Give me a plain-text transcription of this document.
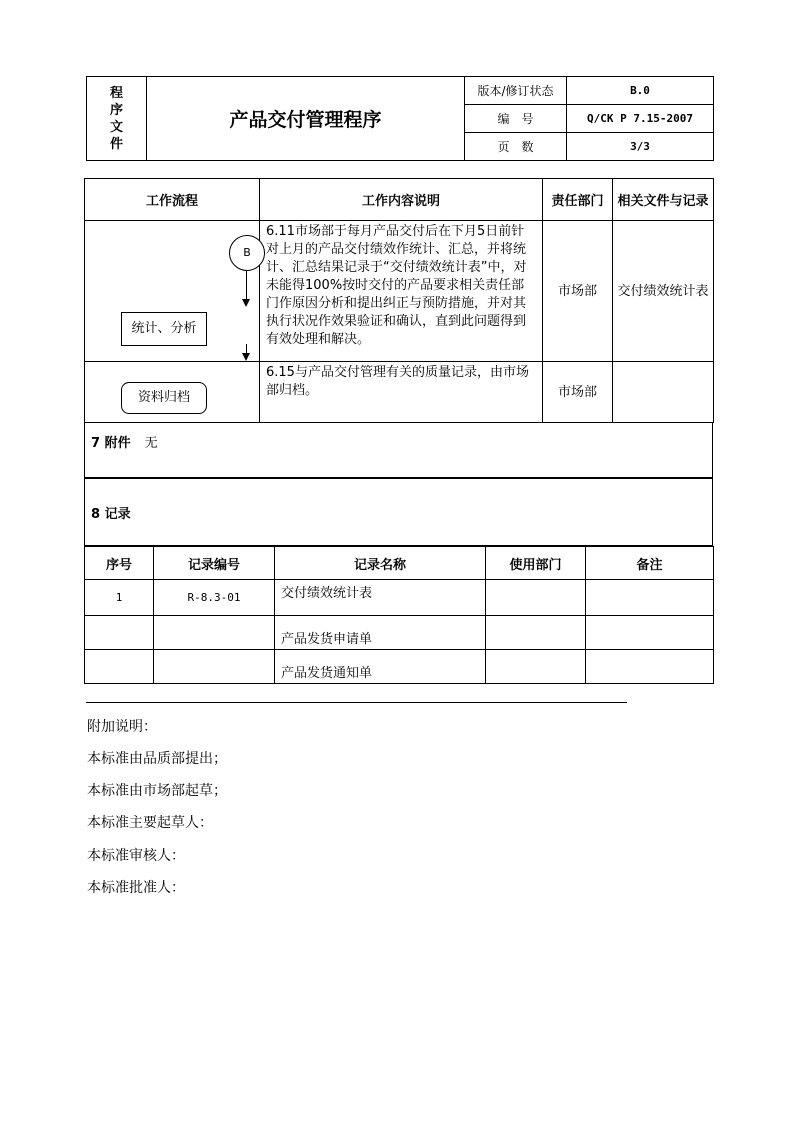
程
序
文
件	产品交付管理程序	版本/修订状态	B.0
		编　号	Q/CK P 7.15-2007
		页　数	3/3
工作流程	工作内容说明	责任部门	相关文件与记录

B
统计、分析	6.11市场部于每月产品交付后在下月5日前针对上月的产品交付绩效作统计、汇总，并将统计、汇总结果记录于“交付绩效统计表”中，对未能得100%按时交付的产品要求相关责任部门作原因分析和提出纠正与预防措施，并对其执行状况作效果验证和确认，直到此问题得到有效处理和解决。	市场部	交付绩效统计表

资料归档	6.15与产品交付管理有关的质量记录，由市场部归档。	市场部	
7 附件 无
8 记录
序号	记录编号	记录名称	使用部门	备注
1	R-8.3-01	交付绩效统计表		
		产品发货申请单		
		产品发货通知单		
附加说明：
本标准由品质部提出；
本标准由市场部起草；
本标准主要起草人：
本标准审核人：
本标准批准人：
